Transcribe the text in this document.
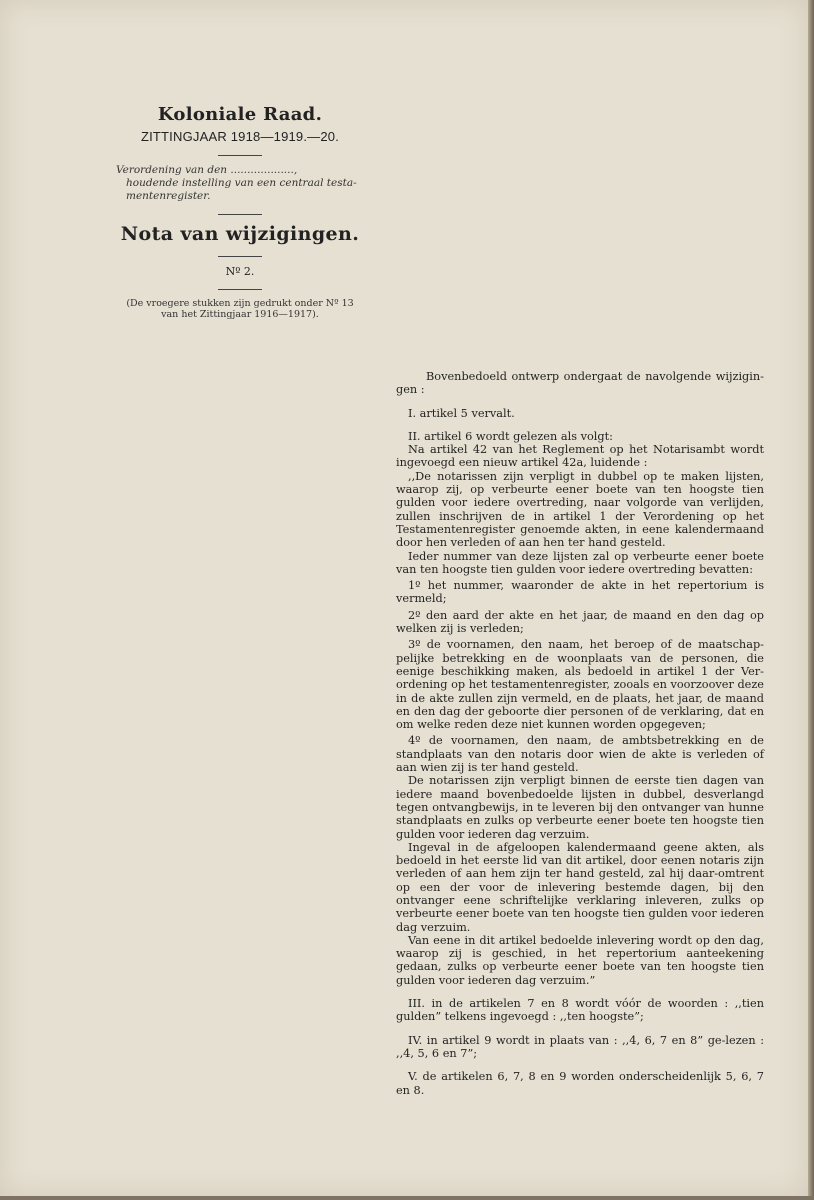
Koloniale Raad.

ZITTINGJAAR 1918—1919.—20.

Verordening van den ...................,
houdende instelling van een centraal testa-
mentenregister.

Nota van wijzigingen.

Nº 2.

(De vroegere stukken zijn gedrukt onder Nº 13
van het Zittingjaar 1916—1917).

Bovenbedoeld ontwerp ondergaat de navolgende wijzigin-gen :

I. artikel 5 vervalt.

II. artikel 6 wordt gelezen als volgt:

Na artikel 42 van het Reglement op het Notarisambt wordt ingevoegd een nieuw artikel 42a, luidende :

,,De notarissen zijn verpligt in dubbel op te maken lijsten, waarop zij, op verbeurte eener boete van ten hoogste tien gulden voor iedere overtreding, naar volgorde van verlijden, zullen inschrijven de in artikel 1 der Verordening op het Testamentenregister genoemde akten, in eene kalendermaand door hen verleden of aan hen ter hand gesteld.

Ieder nummer van deze lijsten zal op verbeurte eener boete van ten hoogste tien gulden voor iedere overtreding bevatten:

1º het nummer, waaronder de akte in het repertorium is vermeld;

2º den aard der akte en het jaar, de maand en den dag op welken zij is verleden;

3º de voornamen, den naam, het beroep of de maatschap-pelijke betrekking en de woonplaats van de personen, die eenige beschikking maken, als bedoeld in artikel 1 der Ver-ordening op het testamentenregister, zooals en voorzoover deze in de akte zullen zijn vermeld, en de plaats, het jaar, de maand en den dag der geboorte dier personen of de verklaring, dat en om welke reden deze niet kunnen worden opgegeven;

4º de voornamen, den naam, de ambtsbetrekking en de standplaats van den notaris door wien de akte is verleden of aan wien zij is ter hand gesteld.

De notarissen zijn verpligt binnen de eerste tien dagen van iedere maand bovenbedoelde lijsten in dubbel, desverlangd tegen ontvangbewijs, in te leveren bij den ontvanger van hunne standplaats en zulks op verbeurte eener boete ten hoogste tien gulden voor iederen dag verzuim.

Ingeval in de afgeloopen kalendermaand geene akten, als bedoeld in het eerste lid van dit artikel, door eenen notaris zijn verleden of aan hem zijn ter hand gesteld, zal hij daar-omtrent op een der voor de inlevering bestemde dagen, bij den ontvanger eene schriftelijke verklaring inleveren, zulks op verbeurte eener boete van ten hoogste tien gulden voor iederen dag verzuim.

Van eene in dit artikel bedoelde inlevering wordt op den dag, waarop zij is geschied, in het repertorium aanteekening gedaan, zulks op verbeurte eener boete van ten hoogste tien gulden voor iederen dag verzuim.”

III. in de artikelen 7 en 8 wordt vóór de woorden : ,,tien gulden” telkens ingevoegd : ,,ten hoogste”;

IV. in artikel 9 wordt in plaats van : ,,4, 6, 7 en 8” ge-lezen : ,,4, 5, 6 en 7”;

V. de artikelen 6, 7, 8 en 9 worden onderscheidenlijk 5, 6, 7 en 8.
